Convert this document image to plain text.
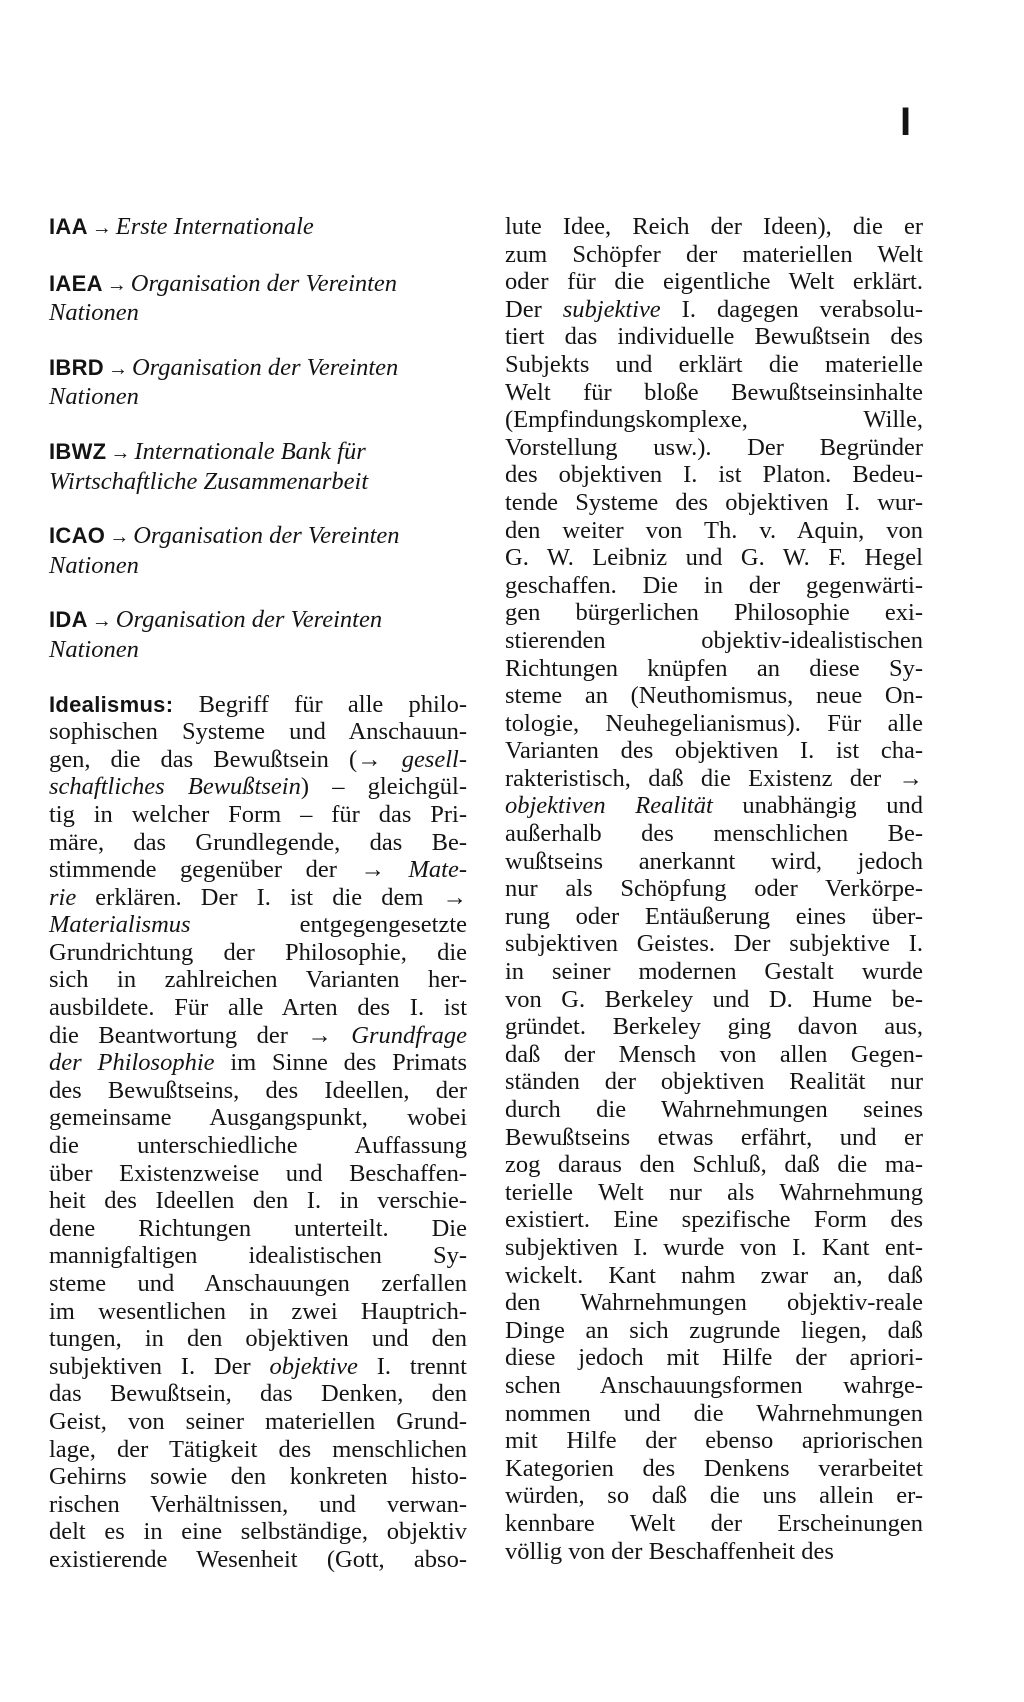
I
IAA → Erste Internationale
IAEA → Organisation der Vereinten
Nationen
IBRD → Organisation der Vereinten
Nationen
IBWZ → Internationale Bank für
Wirtschaftliche Zusammenarbeit
ICAO → Organisation der Vereinten
Nationen
IDA → Organisation der Vereinten
Nationen
Idealismus: Begriff für alle philo-
sophischen Systeme und Anschauun-
gen, die das Bewußtsein (→ gesell-
schaftliches Bewußtsein) – gleichgül-
tig in welcher Form – für das Pri-
märe, das Grundlegende, das Be-
stimmende gegenüber der → Mate-
rie erklären. Der I. ist die dem →
Materialismus entgegengesetzte
Grundrichtung der Philosophie, die
sich in zahlreichen Varianten her-
ausbildete. Für alle Arten des I. ist
die Beantwortung der → Grundfrage
der Philosophie im Sinne des Primats
des Bewußtseins, des Ideellen, der
gemeinsame Ausgangspunkt, wobei
die unterschiedliche Auffassung
über Existenzweise und Beschaffen-
heit des Ideellen den I. in verschie-
dene Richtungen unterteilt. Die
mannigfaltigen idealistischen Sy-
steme und Anschauungen zerfallen
im wesentlichen in zwei Hauptrich-
tungen, in den objektiven und den
subjektiven I. Der objektive I. trennt
das Bewußtsein, das Denken, den
Geist, von seiner materiellen Grund-
lage, der Tätigkeit des menschlichen
Gehirns sowie den konkreten histo-
rischen Verhältnissen, und verwan-
delt es in eine selbständige, objektiv
existierende Wesenheit (Gott, abso-
lute Idee, Reich der Ideen), die er
zum Schöpfer der materiellen Welt
oder für die eigentliche Welt erklärt.
Der subjektive I. dagegen verabsolu-
tiert das individuelle Bewußtsein des
Subjekts und erklärt die materielle
Welt für bloße Bewußtseinsinhalte
(Empfindungskomplexe, Wille,
Vorstellung usw.). Der Begründer
des objektiven I. ist Platon. Bedeu-
tende Systeme des objektiven I. wur-
den weiter von Th. v. Aquin, von
G. W. Leibniz und G. W. F. Hegel
geschaffen. Die in der gegenwärti-
gen bürgerlichen Philosophie exi-
stierenden objektiv-idealistischen
Richtungen knüpfen an diese Sy-
steme an (Neuthomismus, neue On-
tologie, Neuhegelianismus). Für alle
Varianten des objektiven I. ist cha-
rakteristisch, daß die Existenz der →
objektiven Realität unabhängig und
außerhalb des menschlichen Be-
wußtseins anerkannt wird, jedoch
nur als Schöpfung oder Verkörpe-
rung oder Entäußerung eines über-
subjektiven Geistes. Der subjektive I.
in seiner modernen Gestalt wurde
von G. Berkeley und D. Hume be-
gründet. Berkeley ging davon aus,
daß der Mensch von allen Gegen-
ständen der objektiven Realität nur
durch die Wahrnehmungen seines
Bewußtseins etwas erfährt, und er
zog daraus den Schluß, daß die ma-
terielle Welt nur als Wahrnehmung
existiert. Eine spezifische Form des
subjektiven I. wurde von I. Kant ent-
wickelt. Kant nahm zwar an, daß
den Wahrnehmungen objektiv-reale
Dinge an sich zugrunde liegen, daß
diese jedoch mit Hilfe der apriori-
schen Anschauungsformen wahrge-
nommen und die Wahrnehmungen
mit Hilfe der ebenso apriorischen
Kategorien des Denkens verarbeitet
würden, so daß die uns allein er-
kennbare Welt der Erscheinungen
völlig von der Beschaffenheit des
